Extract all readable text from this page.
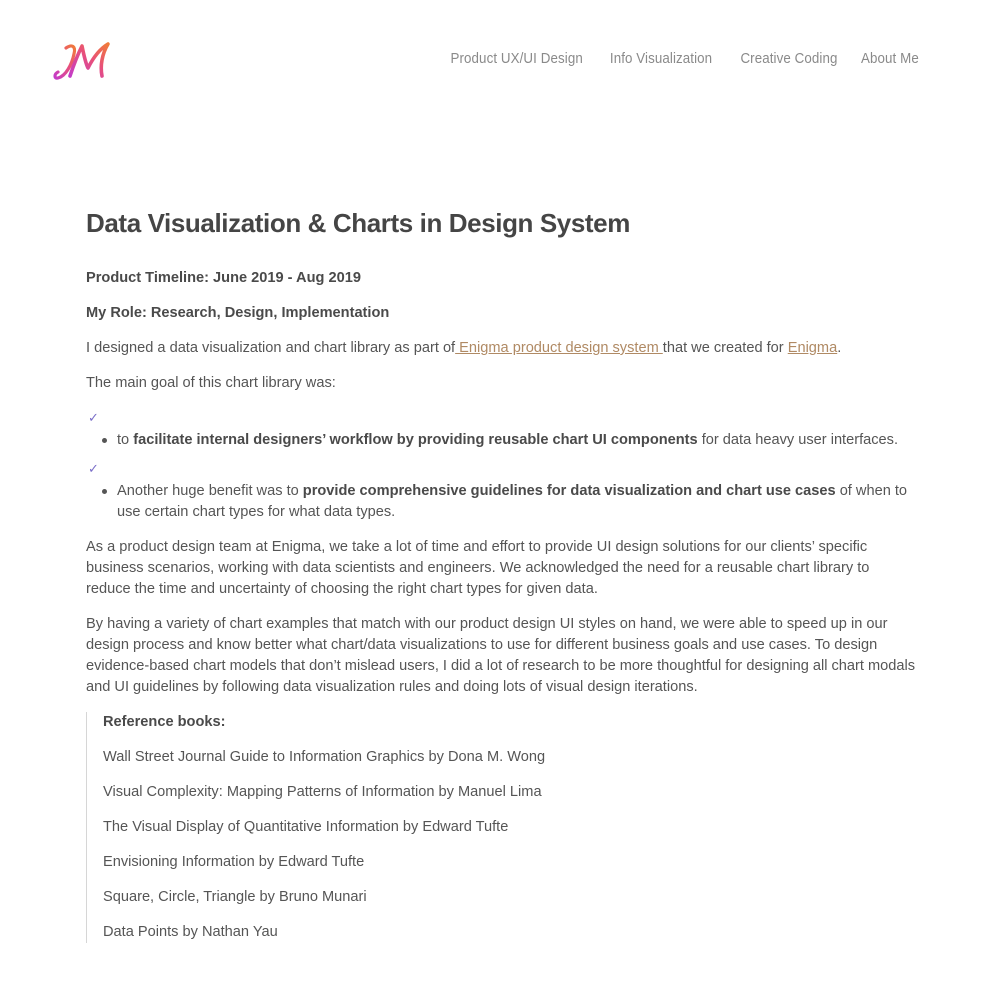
Product UX/UI Design Info Visualization Creative Coding About Me
Data Visualization & Charts in Design System

Product Timeline: June 2019 - Aug 2019

My Role: Research, Design, Implementation

I designed a data visualization and chart library as part of Enigma product design system that we created for Enigma.

The main goal of this chart library was:

✓
to facilitate internal designers’ workflow by providing reusable chart UI components for data heavy user interfaces.
✓
Another huge benefit was to provide comprehensive guidelines for data visualization and chart use cases of when to use certain chart types for what data types.

As a product design team at Enigma, we take a lot of time and effort to provide UI design solutions for our clients’ specific business scenarios, working with data scientists and engineers. We acknowledged the need for a reusable chart library to reduce the time and uncertainty of choosing the right chart types for given data.

By having a variety of chart examples that match with our product design UI styles on hand, we were able to speed up in our design process and know better what chart/data visualizations to use for different business goals and use cases. To design evidence-based chart models that don’t mislead users, I did a lot of research to be more thoughtful for designing all chart modals and UI guidelines by following data visualization rules and doing lots of visual design iterations.

Reference books:

Wall Street Journal Guide to Information Graphics by Dona M. Wong

Visual Complexity: Mapping Patterns of Information by Manuel Lima

The Visual Display of Quantitative Information by Edward Tufte

Envisioning Information by Edward Tufte

Square, Circle, Triangle by Bruno Munari

Data Points by Nathan Yau
